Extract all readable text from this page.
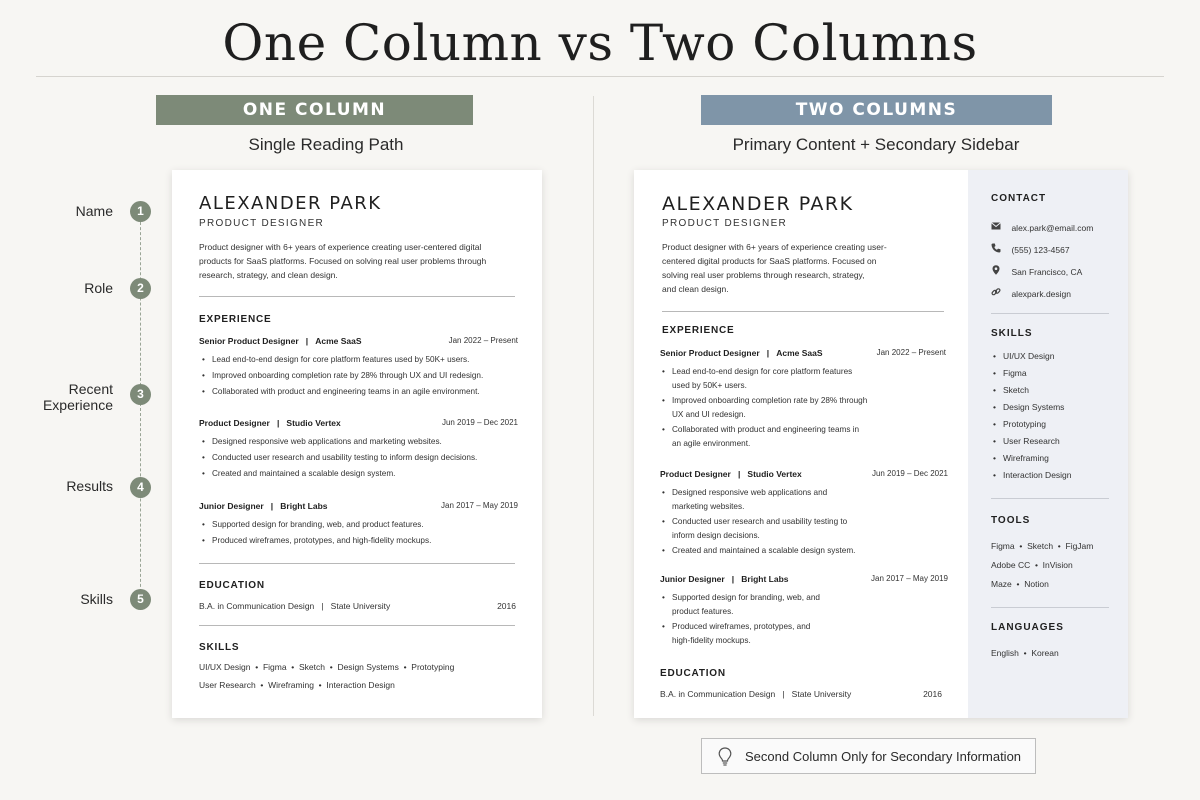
One Column vs Two Columns
ONE COLUMN
Single Reading Path
TWO COLUMNS
Primary Content + Secondary Sidebar
Name	1
Role	2
Recent
Experience
3
Results	4
Skills	5
ALEXANDER PARK
PRODUCT DESIGNER
Product designer with 6+ years of experience creating user-centered digital
products for SaaS platforms. Focused on solving real user problems through
research, strategy, and clean design.
EXPERIENCE
Senior Product Designer   |   Acme SaaS	Jan 2022 – Present
• Lead end-to-end design for core platform features used by 50K+ users.
• Improved onboarding completion rate by 28% through UX and UI redesign.
• Collaborated with product and engineering teams in an agile environment.
Product Designer   |   Studio Vertex	Jun 2019 – Dec 2021
• Designed responsive web applications and marketing websites.
• Conducted user research and usability testing to inform design decisions.
• Created and maintained a scalable design system.
Junior Designer   |   Bright Labs	Jan 2017 – May 2019
• Supported design for branding, web, and product features.
• Produced wireframes, prototypes, and high-fidelity mockups.
EDUCATION
B.A. in Communication Design   |   State University	2016
SKILLS
UI/UX Design  •  Figma  •  Sketch  •  Design Systems  •  Prototyping
User Research  •  Wireframing  •  Interaction Design
ALEXANDER PARK
PRODUCT DESIGNER
Product designer with 6+ years of experience creating user-
centered digital products for SaaS platforms. Focused on
solving real user problems through research, strategy,
and clean design.
EXPERIENCE
Senior Product Designer   |   Acme SaaS	Jan 2022 – Present
• Lead end-to-end design for core platform features
used by 50K+ users.
• Improved onboarding completion rate by 28% through
UX and UI redesign.
• Collaborated with product and engineering teams in
an agile environment.
Product Designer   |   Studio Vertex	Jun 2019 – Dec 2021
• Designed responsive web applications and
marketing websites.
• Conducted user research and usability testing to
inform design decisions.
• Created and maintained a scalable design system.
Junior Designer   |   Bright Labs	Jan 2017 – May 2019
• Supported design for branding, web, and
product features.
• Produced wireframes, prototypes, and
high-fidelity mockups.
EDUCATION
B.A. in Communication Design   |   State University	2016
CONTACT
alex.park@email.com
(555) 123-4567
San Francisco, CA
alexpark.design
SKILLS
• UI/UX Design
• Figma
• Sketch
• Design Systems
• Prototyping
• User Research
• Wireframing
• Interaction Design
TOOLS
Figma  •  Sketch  •  FigJam
Adobe CC  •  InVision
Maze  •  Notion
LANGUAGES
English  •  Korean
Second Column Only for Secondary Information
